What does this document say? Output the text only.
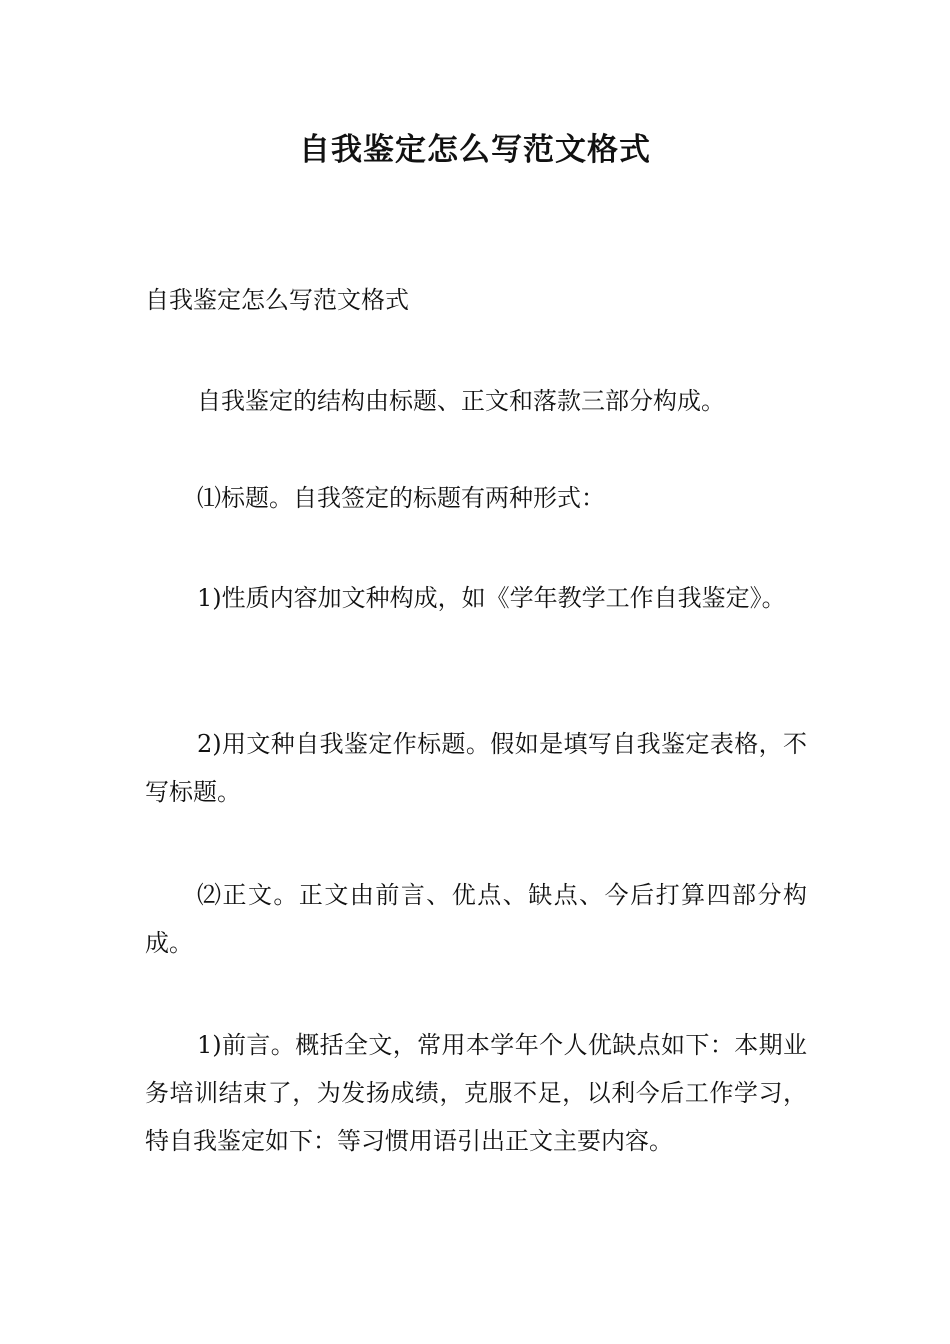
自我鉴定怎么写范文格式

自我鉴定怎么写范文格式

自我鉴定的结构由标题、正文和落款三部分构成。

⑴标题。自我签定的标题有两种形式：

1)性质内容加文种构成，如《学年教学工作自我鉴定》。

2)用文种自我鉴定作标题。假如是填写自我鉴定表格，不写标题。

⑵正文。正文由前言、优点、缺点、今后打算四部分构成。

1)前言。概括全文，常用本学年个人优缺点如下：本期业务培训结束了，为发扬成绩，克服不足，以利今后工作学习，特自我鉴定如下：等习惯用语引出正文主要内容。
